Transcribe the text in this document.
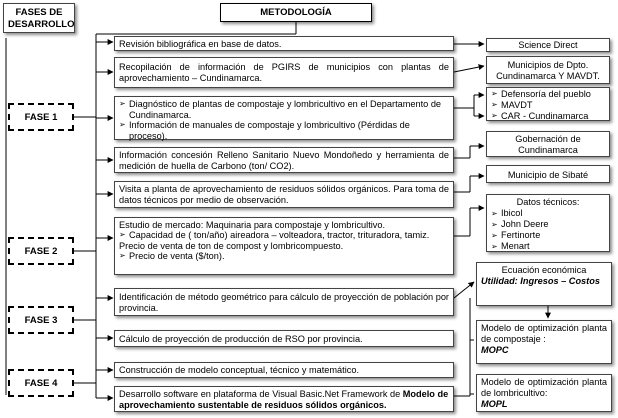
FASES DE DESARROLLO
METODOLOGÍA
FASE 1
FASE 2
FASE 3
FASE 4
Revisión bibliográfica en base de datos.
Recopilación de información de PGIRS de municipios con plantas de aprovechamiento – Cundinamarca.
➢ Diagnóstico de plantas de compostaje y lombricultivo en el Departamento de Cundinamarca.
➢ Información de manuales de compostaje y lombricultivo (Pérdidas de proceso).
Información concesión Relleno Sanitario Nuevo Mondoñedo y herramienta de medición de huella de Carbono (ton/ CO2).
Visita a planta de aprovechamiento de residuos sólidos orgánicos. Para toma de datos técnicos por medio de observación.
Estudio de mercado: Maquinaria para compostaje y lombricultivo.
➢ Capacidad de ( ton/año) aireadora – volteadora, tractor, trituradora, tamiz.
Precio de venta de ton de compost y lombricompuesto.
➢ Precio de venta ($/ton).
Identificación de método geométrico para cálculo de proyección de población por provincia.
Cálculo de proyección de producción de RSO por provincia.
Construcción de modelo conceptual, técnico y matemático.
Desarrollo software en plataforma de Visual Basic.Net Framework de Modelo de aprovechamiento sustentable de residuos sólidos orgánicos.
Science Direct
Municipios de Dpto. Cundinamarca Y MAVDT.
➢ Defensoría del pueblo
➢ MAVDT
➢ CAR - Cundinamarca
Gobernación de Cundinamarca
Municipio de Sibaté
Datos técnicos:
➢ Ibicol
➢ John Deere
➢ Fertinorte
➢ Menart
Ecuación económica
Utilidad: Ingresos – Costos
Modelo de optimización planta de compostaje :
MOPC
Modelo de optimización planta de lombricultivo:
MOPL
